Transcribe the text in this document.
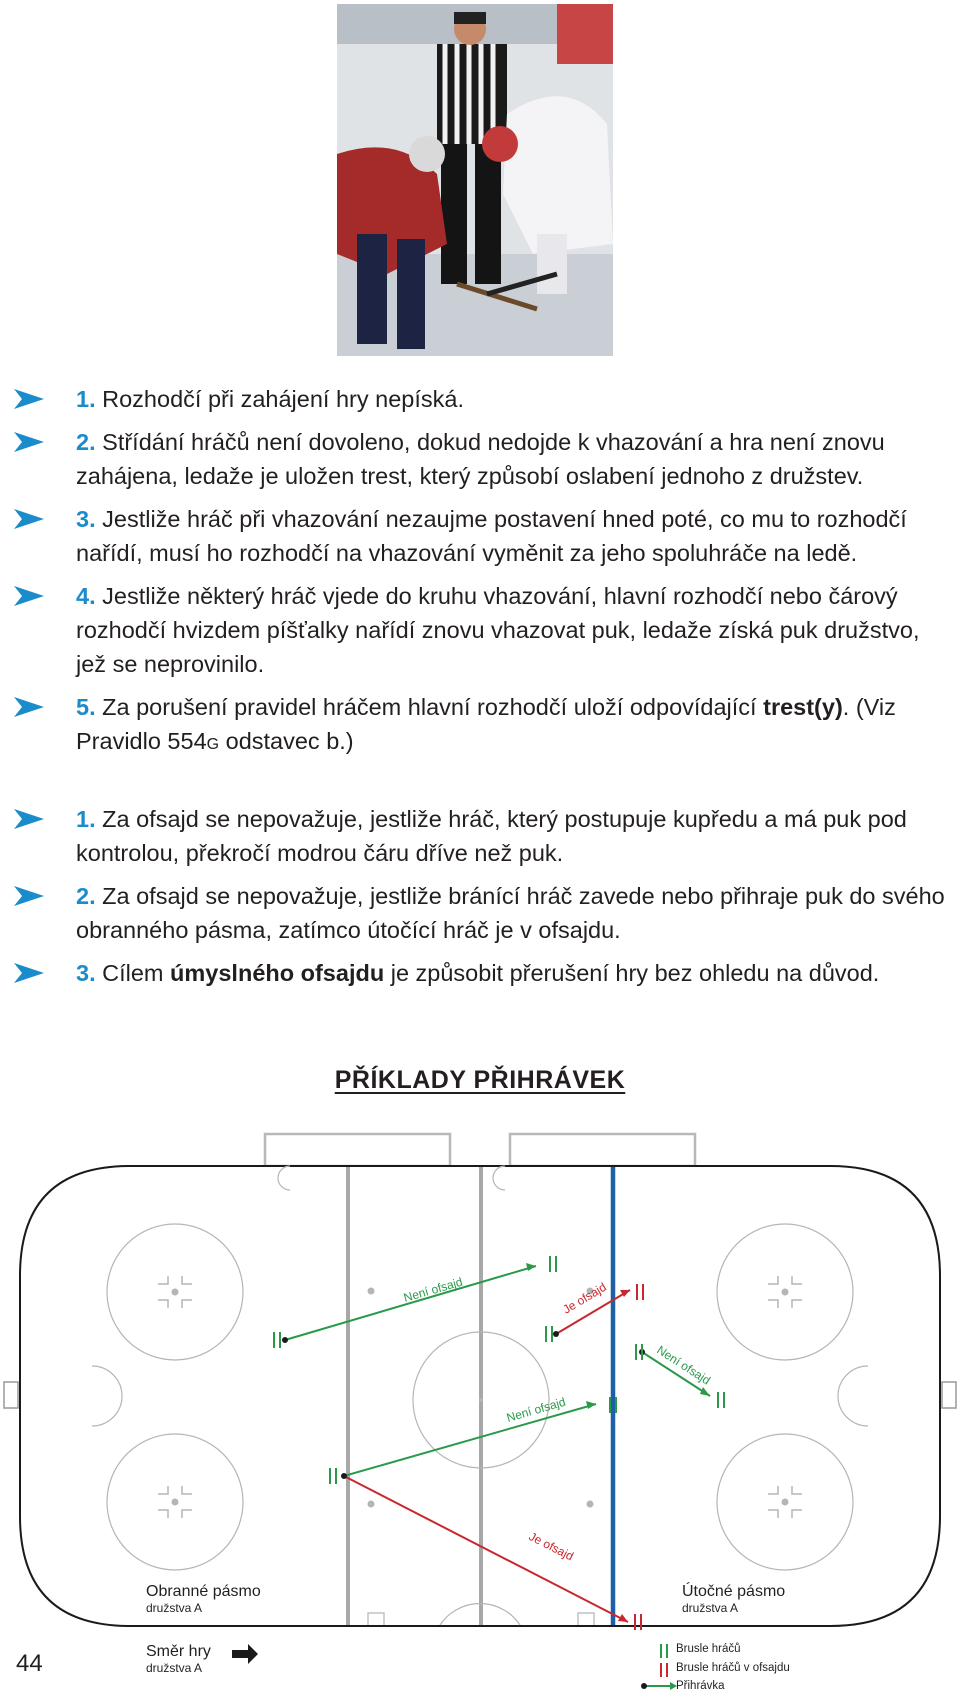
1. Rozhodčí při zahájení hry nepíská.
2. Střídání hráčů není dovoleno, dokud nedojde k vhazování a hra není znovu zahájena, ledaže je uložen trest, který způsobí oslabení jednoho z družstev.
3. Jestliže hráč při vhazování nezaujme postavení hned poté, co mu to rozhodčí nařídí, musí ho rozhodčí na vhazování vyměnit za jeho spoluhráče na ledě.
4. Jestliže některý hráč vjede do kruhu vhazování, hlavní rozhodčí nebo čárový rozhodčí hvizdem píšťalky nařídí znovu vhazovat puk, ledaže získá puk družstvo, jež se neprovinilo.
5. Za porušení pravidel hráčem hlavní rozhodčí uloží odpovídající trest(y). (Viz Pravidlo 554G odstavec b.)
1. Za ofsajd se nepovažuje, jestliže hráč, který postupuje kupředu a má puk pod kontrolou, překročí modrou čáru dříve než puk.
2. Za ofsajd se nepovažuje, jestliže bránící hráč zavede nebo přihraje puk do svého obranného pásma, zatímco útočící hráč je v ofsajdu.
3. Cílem úmyslného ofsajdu je způsobit přerušení hry bez ohledu na důvod.
PŘÍKLADY PŘIHRÁVEK
Není ofsajd	Je ofsajd
Není ofsajd
Není ofsajd
Je ofsajd
Obranné pásmo
družstva A
Útočné pásmo
družstva A
Směr hry
družstva A
Brusle hráčů
Brusle hráčů v ofsajdu
Přihrávka
44
